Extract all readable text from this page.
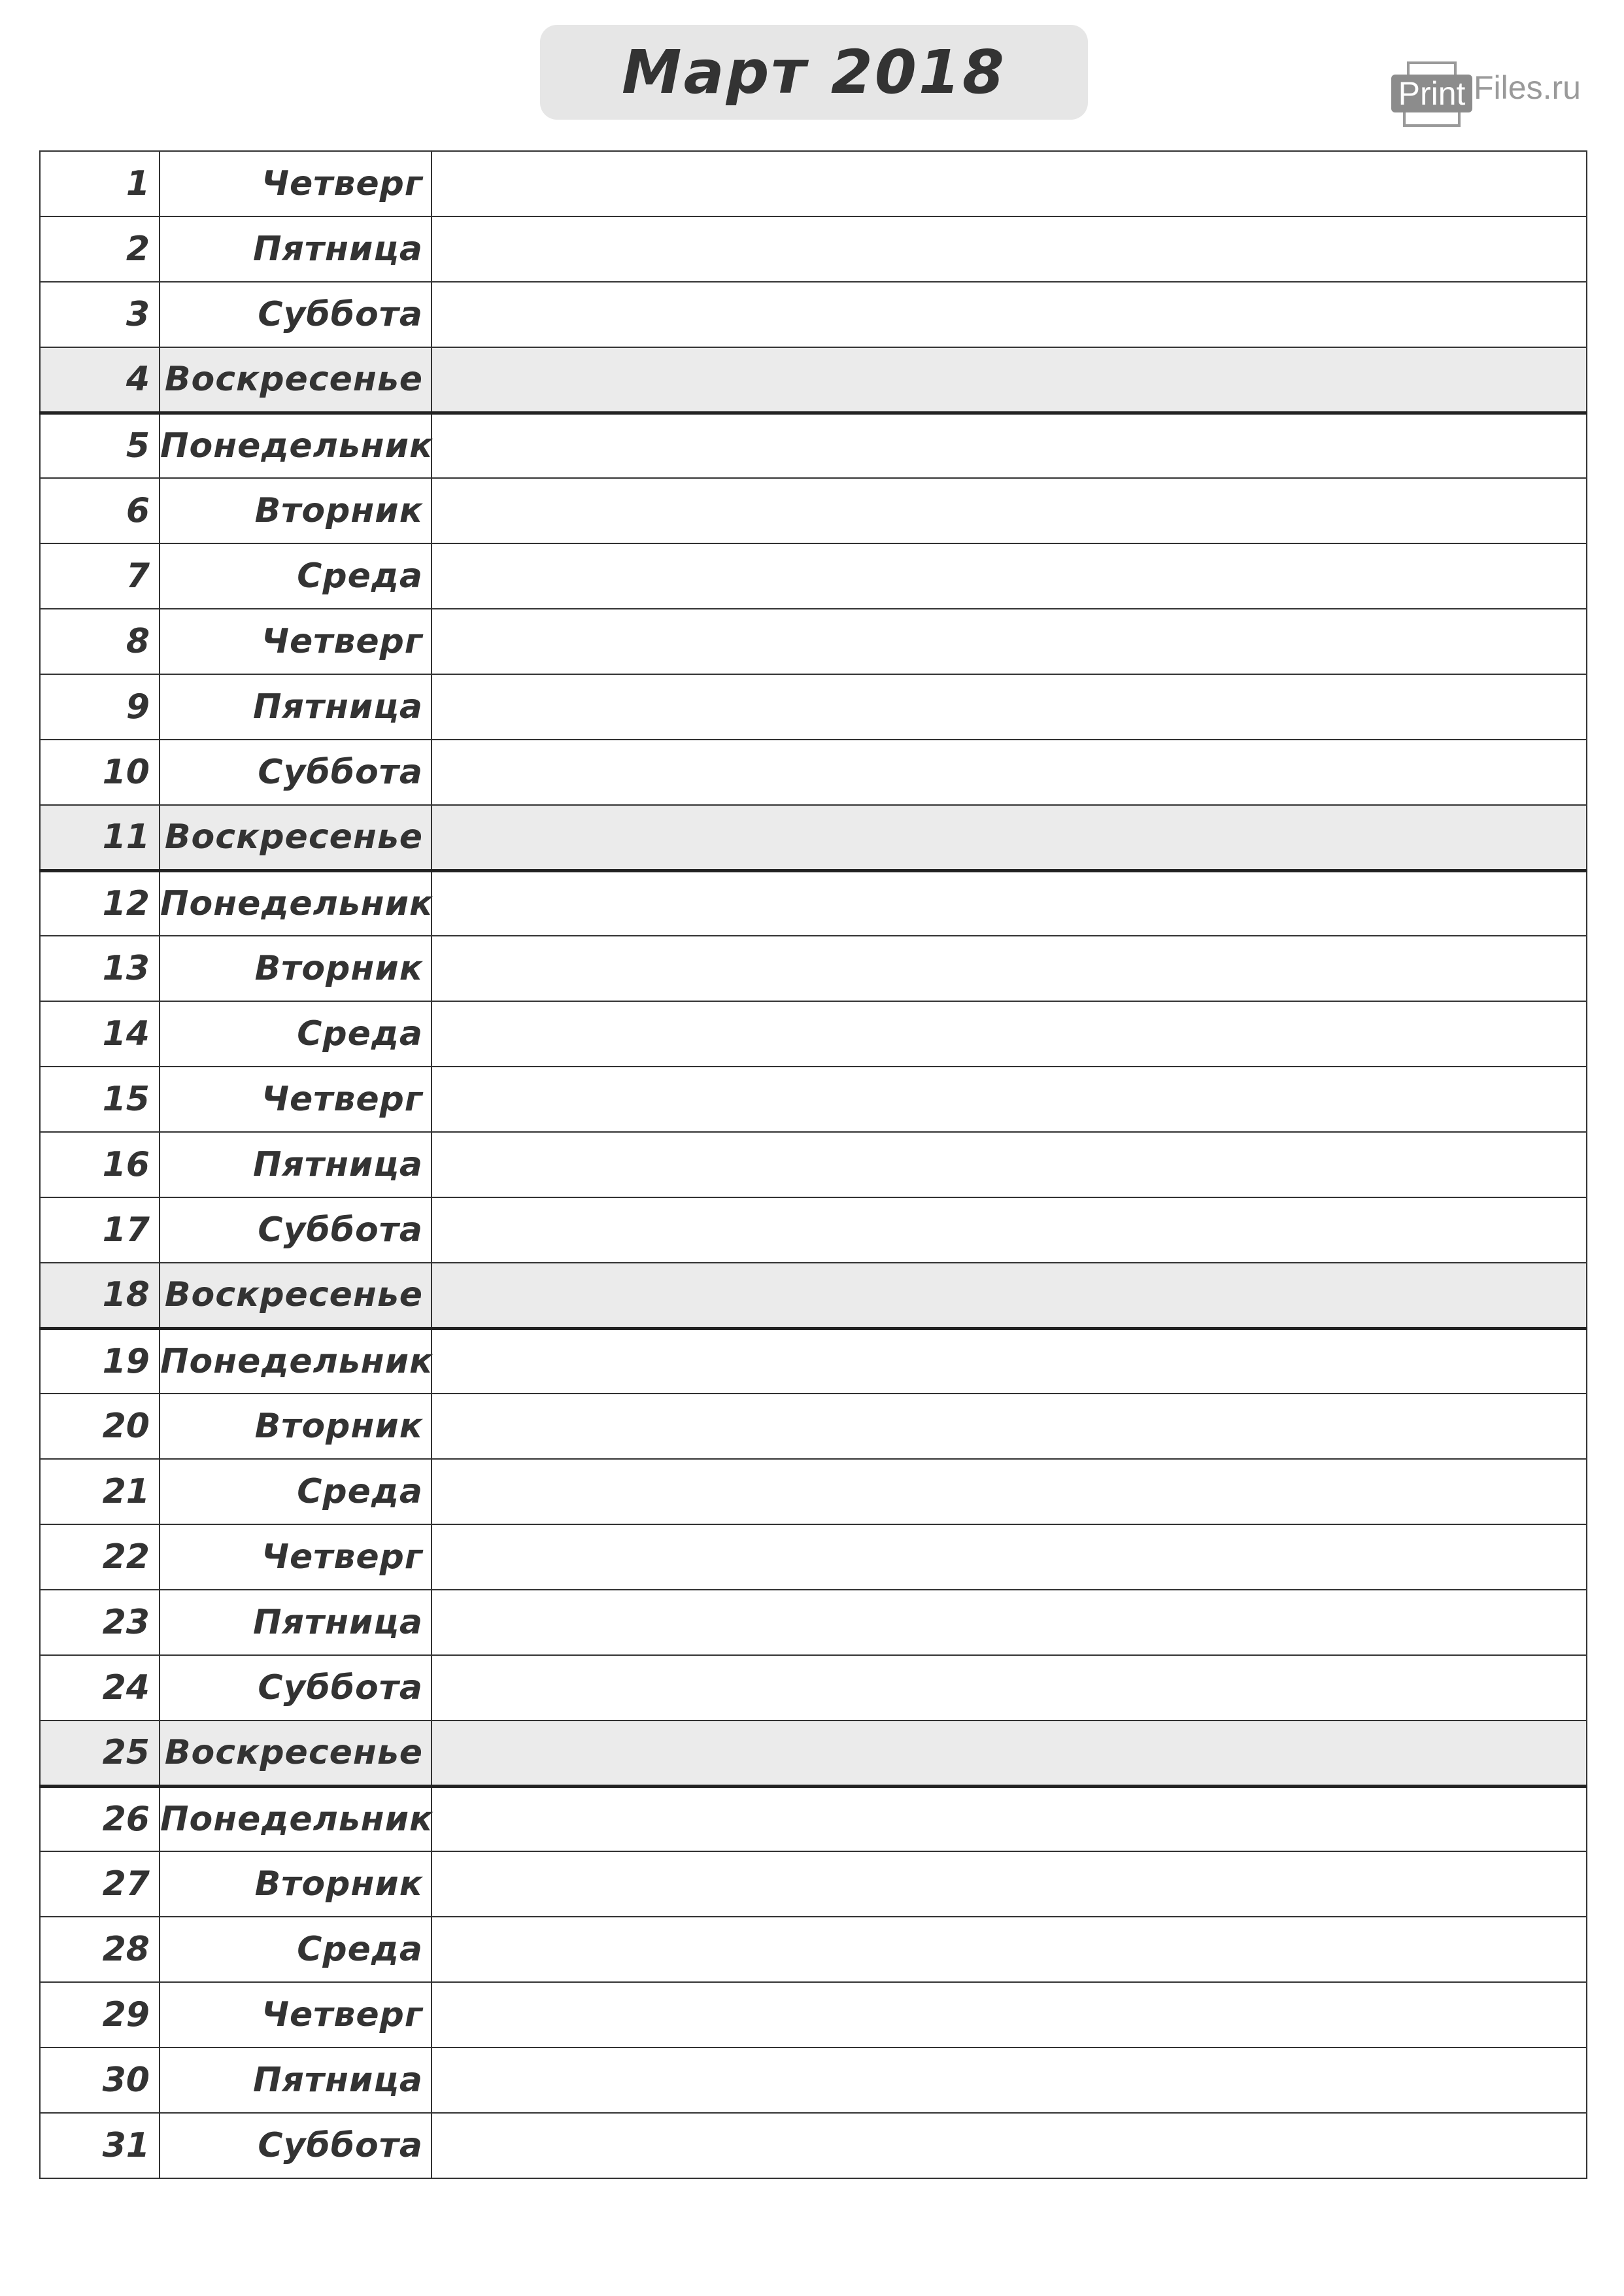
Март 2018	Print Files.ru
1	Четверг	
2	Пятница	
3	Суббота	
4	Воскресенье	
5	Понедельник	
6	Вторник	
7	Среда	
8	Четверг	
9	Пятница	
10	Суббота	
11	Воскресенье	
12	Понедельник	
13	Вторник	
14	Среда	
15	Четверг	
16	Пятница	
17	Суббота	
18	Воскресенье	
19	Понедельник	
20	Вторник	
21	Среда	
22	Четверг	
23	Пятница	
24	Суббота	
25	Воскресенье	
26	Понедельник	
27	Вторник	
28	Среда	
29	Четверг	
30	Пятница	
31	Суббота	
